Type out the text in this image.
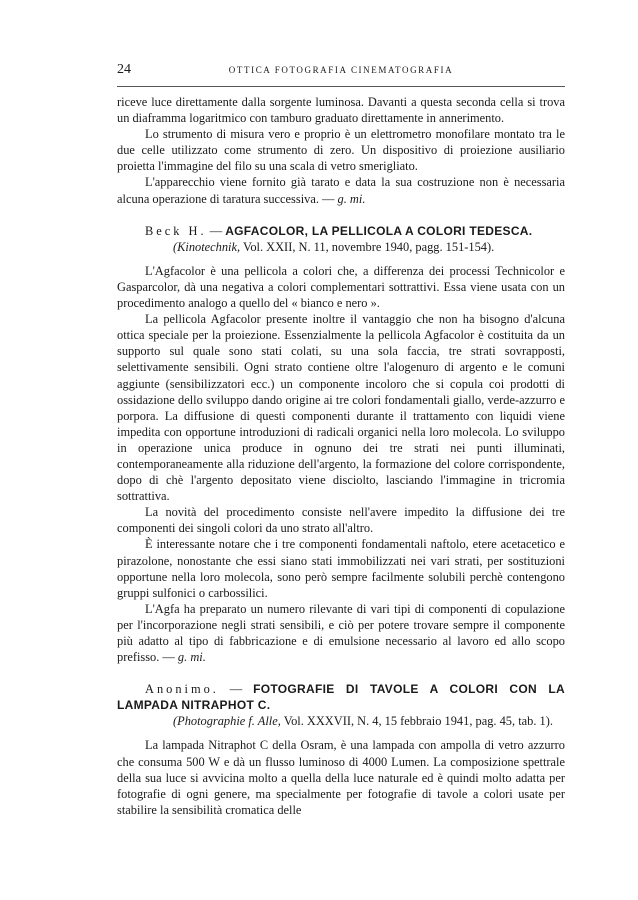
24	OTTICA FOTOGRAFIA CINEMATOGRAFIA

riceve luce direttamente dalla sorgente luminosa. Davanti a questa seconda cella si trova un diaframma logaritmico con tamburo graduato direttamente in annerimento.

Lo strumento di misura vero e proprio è un elettrometro monofilare montato tra le due celle utilizzato come strumento di zero. Un dispositivo di proiezione ausiliario proietta l'immagine del filo su una scala di vetro smerigliato.

L'apparecchio viene fornito già tarato e data la sua costruzione non è necessaria alcuna operazione di taratura successiva. — g. mi.

Beck H. — AGFACOLOR, LA PELLICOLA A COLORI TEDESCA.
(Kinotechnik, Vol. XXII, N. 11, novembre 1940, pagg. 151-154).

L'Agfacolor è una pellicola a colori che, a differenza dei processi Technicolor e Gasparcolor, dà una negativa a colori complementari sottrattivi. Essa viene usata con un procedimento analogo a quello del « bianco e nero ».

La pellicola Agfacolor presente inoltre il vantaggio che non ha bisogno d'alcuna ottica speciale per la proiezione. Essenzialmente la pellicola Agfacolor è costituita da un supporto sul quale sono stati colati, su una sola faccia, tre strati sovrapposti, selettivamente sensibili. Ogni strato contiene oltre l'alogenuro di argento e le comuni aggiunte (sensibilizzatori ecc.) un componente incoloro che si copula coi prodotti di ossidazione dello sviluppo dando origine ai tre colori fondamentali giallo, verde-azzurro e porpora. La diffusione di questi componenti durante il trattamento con liquidi viene impedita con opportune introduzioni di radicali organici nella loro molecola. Lo sviluppo in operazione unica produce in ognuno dei tre strati nei punti illuminati, contemporaneamente alla riduzione dell'argento, la formazione del colore corrispondente, dopo di chè l'argento depositato viene disciolto, lasciando l'immagine in tricromia sottrattiva.

La novità del procedimento consiste nell'avere impedito la diffusione dei tre componenti dei singoli colori da uno strato all'altro.

È interessante notare che i tre componenti fondamentali naftolo, etere acetacetico e pirazolone, nonostante che essi siano stati immobilizzati nei vari strati, per sostituzioni opportune nella loro molecola, sono però sempre facilmente solubili perchè contengono gruppi sulfonici o carbossilici.

L'Agfa ha preparato un numero rilevante di vari tipi di componenti di copulazione per l'incorporazione negli strati sensibili, e ciò per potere trovare sempre il componente più adatto al tipo di fabbricazione e di emulsione necessario al lavoro ed allo scopo prefisso. — g. mi.

Anonimo. — FOTOGRAFIE DI TAVOLE A COLORI CON LA LAMPADA NITRAPHOT C.
(Photographie f. Alle, Vol. XXXVII, N. 4, 15 febbraio 1941, pag. 45, tab. 1).

La lampada Nitraphot C della Osram, è una lampada con ampolla di vetro azzurro che consuma 500 W e dà un flusso luminoso di 4000 Lumen. La composizione spettrale della sua luce si avvicina molto a quella della luce naturale ed è quindi molto adatta per fotografie di ogni genere, ma specialmente per fotografie di tavole a colori usate per stabilire la sensibilità cromatica delle
